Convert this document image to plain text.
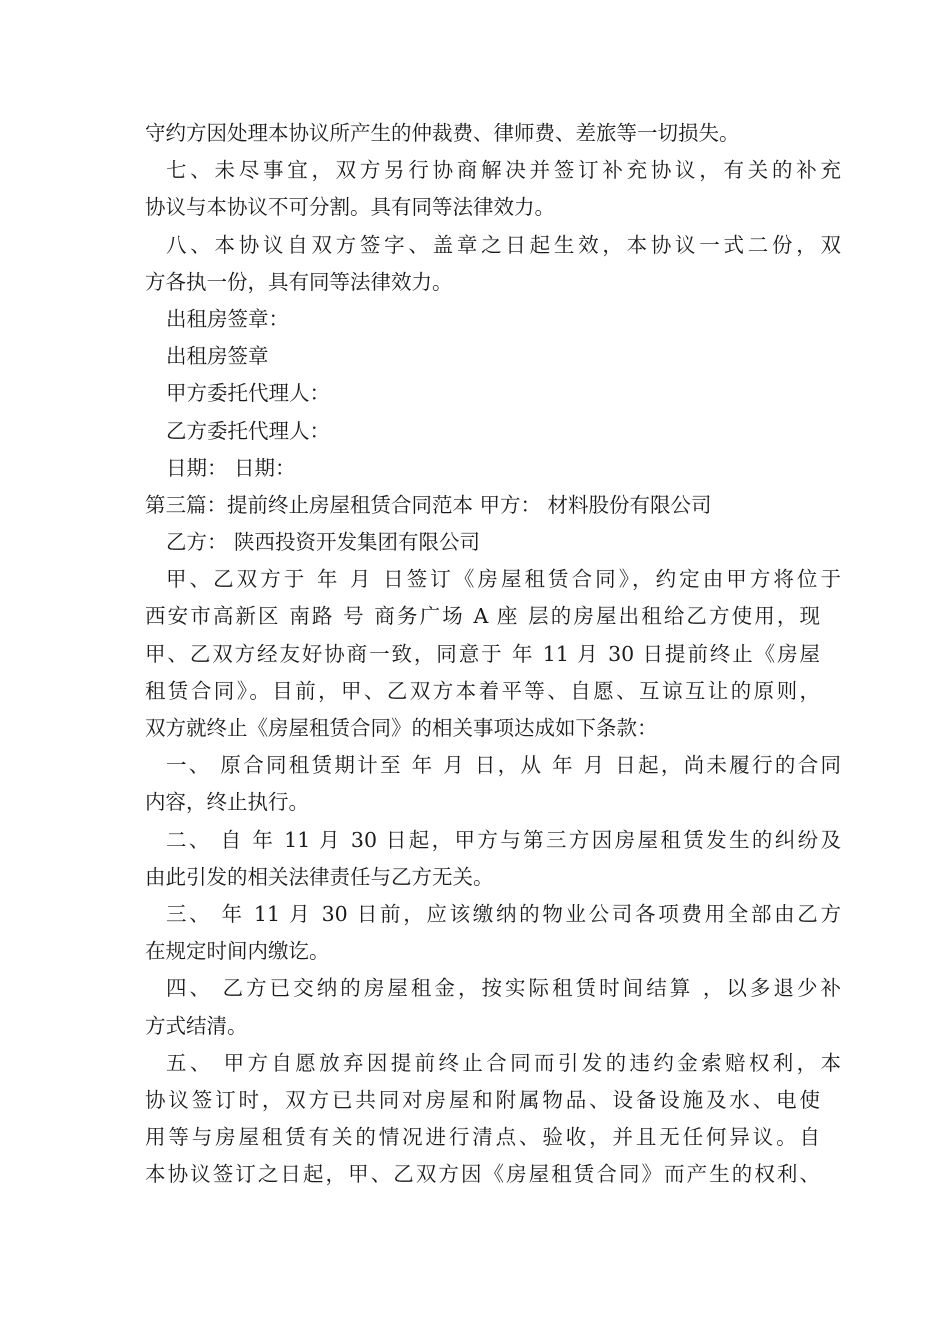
守约方因处理本协议所产生的仲裁费、律师费、差旅等一切损失。
七、未尽事宜，双方另行协商解决并签订补充协议，有关的补充
协议与本协议不可分割。具有同等法律效力。
八、本协议自双方签字、盖章之日起生效，本协议一式二份，双
方各执一份，具有同等法律效力。
出租房签章：
出租房签章
甲方委托代理人：
乙方委托代理人：
日期： 日期：
第三篇：提前终止房屋租赁合同范本 甲方： 材料股份有限公司
乙方： 陕西投资开发集团有限公司
甲、乙双方于 年 月 日签订《房屋租赁合同》，约定由甲方将位于
西安市高新区 南路 号 商务广场 A 座 层的房屋出租给乙方使用，现
甲、乙双方经友好协商一致，同意于 年 11 月 30 日提前终止《房屋
租赁合同》。目前，甲、乙双方本着平等、自愿、互谅互让的原则，
双方就终止《房屋租赁合同》的相关事项达成如下条款：
一、 原合同租赁期计至 年 月 日，从 年 月 日起，尚未履行的合同
内容，终止执行。
二、 自 年 11 月 30 日起，甲方与第三方因房屋租赁发生的纠纷及
由此引发的相关法律责任与乙方无关。
三、 年 11 月 30 日前，应该缴纳的物业公司各项费用全部由乙方
在规定时间内缴讫。
四、 乙方已交纳的房屋租金，按实际租赁时间结算 ，以多退少补
方式结清。
五、 甲方自愿放弃因提前终止合同而引发的违约金索赔权利，本
协议签订时，双方已共同对房屋和附属物品、设备设施及水、电使
用等与房屋租赁有关的情况进行清点、验收，并且无任何异议。自
本协议签订之日起，甲、乙双方因《房屋租赁合同》而产生的权利、
